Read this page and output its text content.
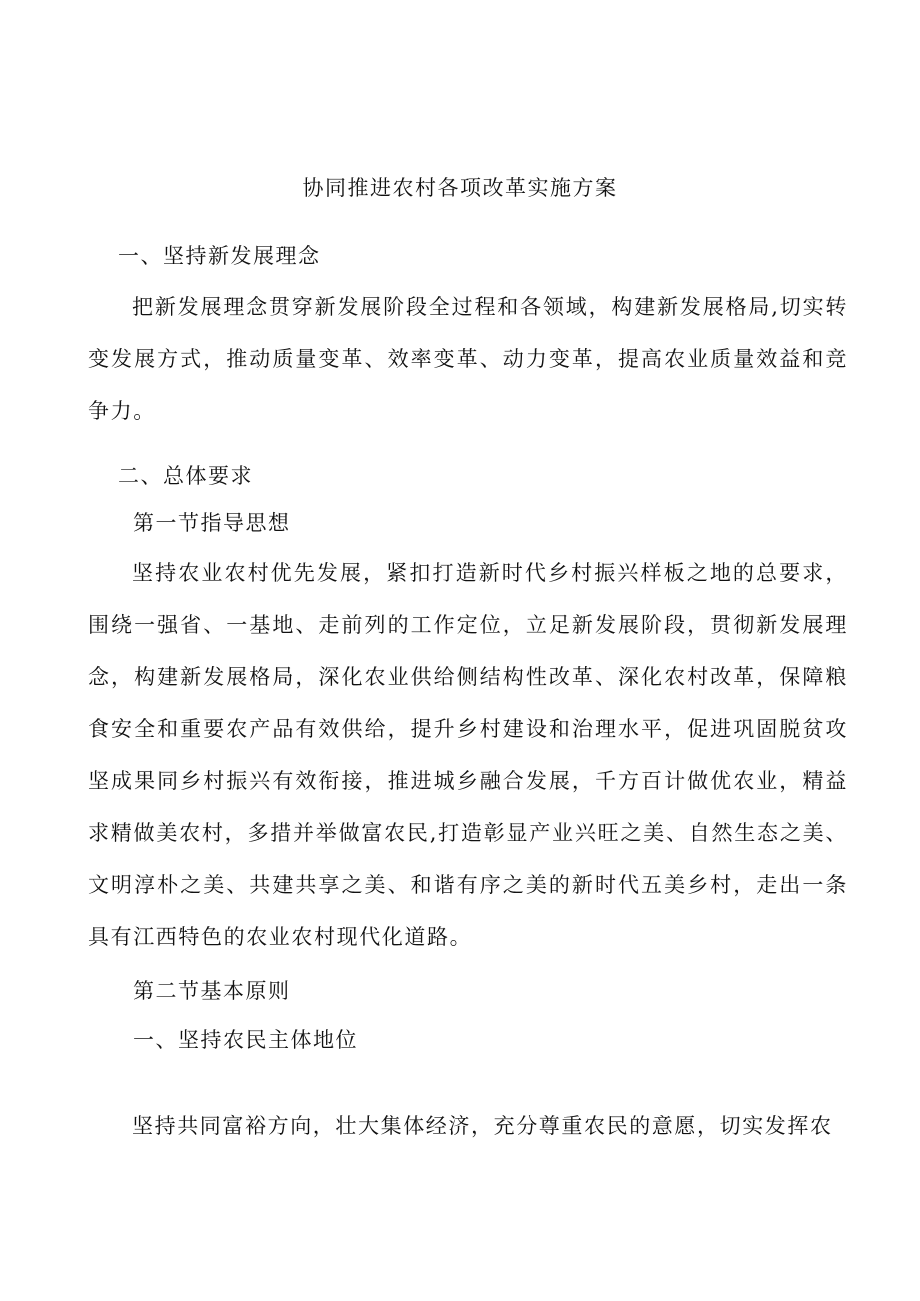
协同推进农村各项改革实施方案
一、坚持新发展理念

把新发展理念贯穿新发展阶段全过程和各领域，构建新发展格局,切实转变发展方式，推动质量变革、效率变革、动力变革，提高农业质量效益和竞争力。

二、总体要求
第一节指导思想

坚持农业农村优先发展，紧扣打造新时代乡村振兴样板之地的总要求，围绕一强省、一基地、走前列的工作定位，立足新发展阶段，贯彻新发展理念，构建新发展格局，深化农业供给侧结构性改革、深化农村改革，保障粮食安全和重要农产品有效供给，提升乡村建设和治理水平，促进巩固脱贫攻坚成果同乡村振兴有效衔接，推进城乡融合发展，千方百计做优农业，精益求精做美农村，多措并举做富农民,打造彰显产业兴旺之美、自然生态之美、文明淳朴之美、共建共享之美、和谐有序之美的新时代五美乡村，走出一条具有江西特色的农业农村现代化道路。

第二节基本原则
一、坚持农民主体地位

坚持共同富裕方向，壮大集体经济，充分尊重农民的意愿，切实发挥农
